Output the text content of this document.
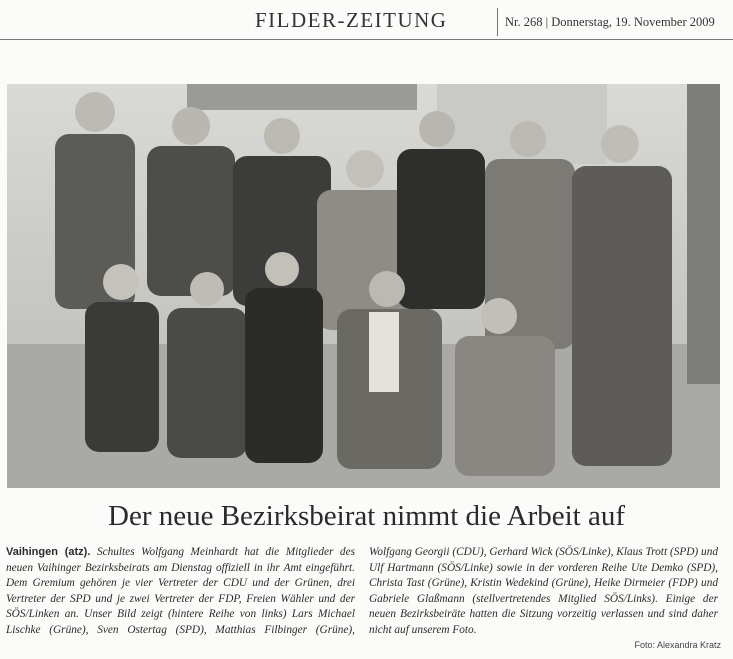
FILDER-ZEITUNG	Nr. 268 | Donnerstag, 19. November 2009
Der neue Bezirksbeirat nimmt die Arbeit auf
Vaihingen (atz). Schultes Wolfgang Meinhardt hat die Mitglieder des neuen Vaihinger Bezirksbeirats am Dienstag offiziell in ihr Amt eingeführt. Dem Gremium gehören je vier Vertreter der CDU und der Grünen, drei Vertreter der SPD und je zwei Vertreter der FDP, Freien Wähler und der SÖS/Linken an. Unser Bild zeigt (hintere Reihe von links) Lars Michael Lischke (Grüne), Sven Ostertag (SPD), Matthias Filbinger (Grüne), Wolfgang Georgii (CDU), Gerhard Wick (SÖS/Linke), Klaus Trott (SPD) und Ulf Hartmann (SÖS/Linke) sowie in der vorderen Reihe Ute Demko (SPD), Christa Tast (Grüne), Kristin Wedekind (Grüne), Heike Dirmeier (FDP) und Gabriele Glaßmann (stellvertretendes Mitglied SÖS/Links). Einige der neuen Bezirksbeiräte hatten die Sitzung vorzeitig verlassen und sind daher nicht auf unserem Foto.
Foto: Alexandra Kratz
